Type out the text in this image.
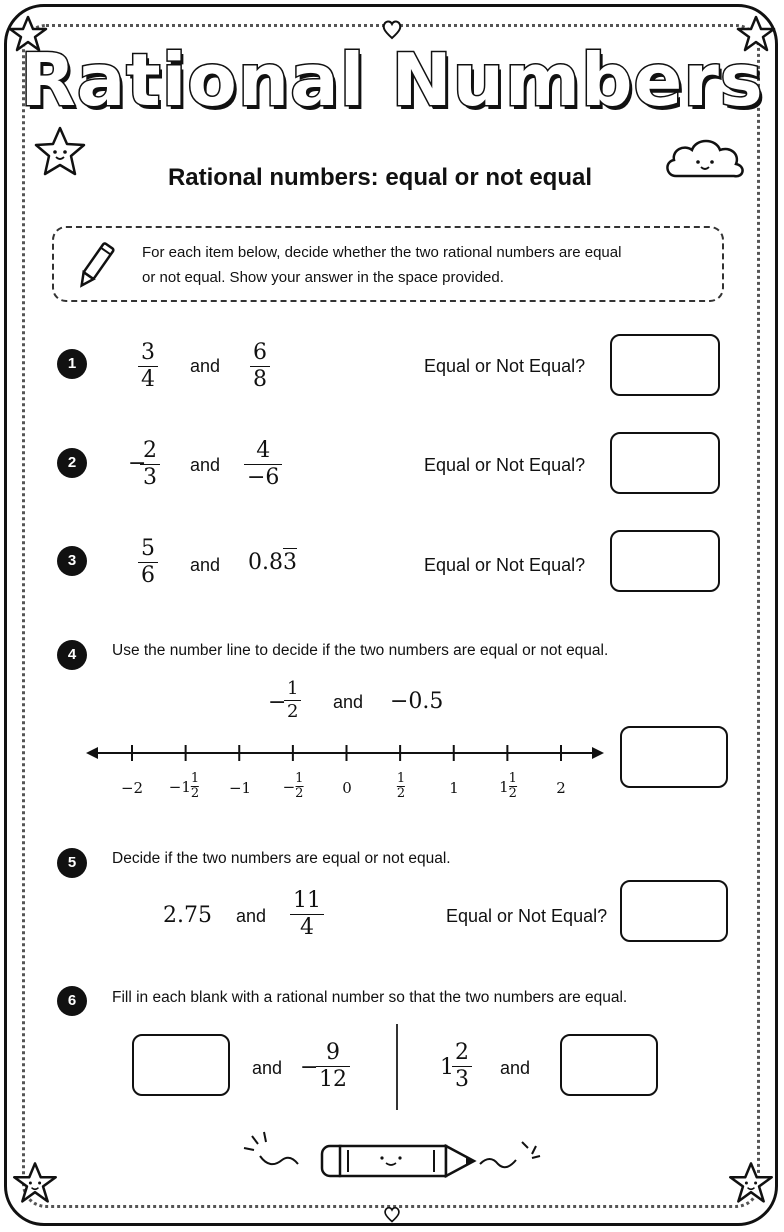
Rational Numbers
Rational numbers: equal or not equal
For each item below, decide whether the two rational numbers are equal
or not equal. Show your answer in the space provided.
1	3
4
and
6
8
Equal or Not Equal?
2	−
2
3 and
4
−6	Equal or Not Equal?
3	5
6 and 0.83	Equal or Not Equal?
4	Use the number line to decide if the two numbers are equal or not equal.
−
1
2 and −0.5
$-2 -1 \frac{1}{2} -1 - \frac{1}{2}$	0	$\frac{1}{2}$	1	$1 \frac{1}{2}$	2
5	Decide if the two numbers are equal or not equal.
2.75 and
11
4	Equal or Not Equal?
6	Fill in each blank with a rational number so that the two numbers are equal.
and −
9
12	1
2
3 and
